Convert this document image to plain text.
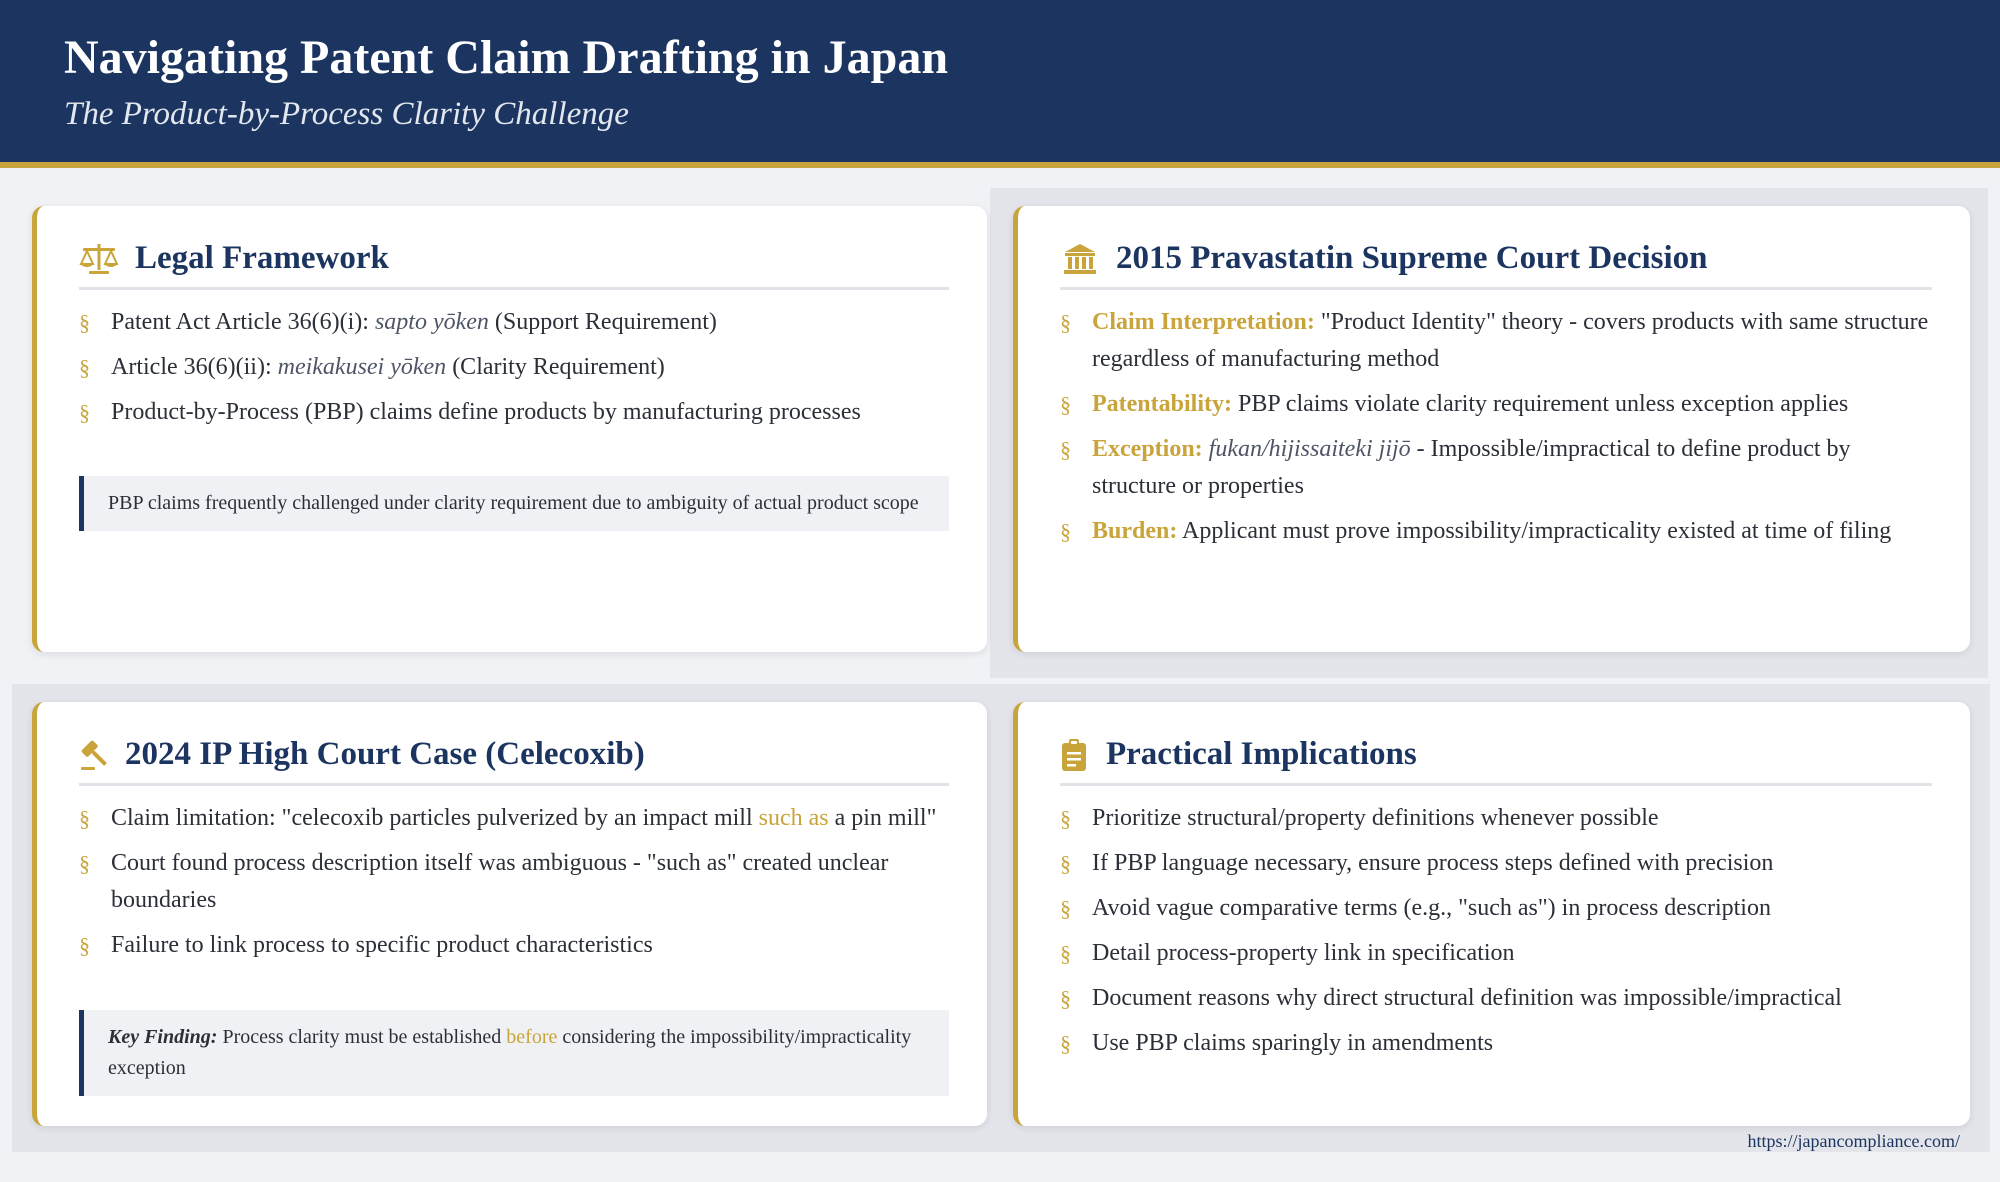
Navigating Patent Claim Drafting in Japan
The Product-by-Process Clarity Challenge
Legal Framework
§ Patent Act Article 36(6)(i): sapto yōken (Support Requirement)
§ Article 36(6)(ii): meikakusei yōken (Clarity Requirement)
§ Product-by-Process (PBP) claims define products by manufacturing processes
PBP claims frequently challenged under clarity requirement due to ambiguity of actual product scope
2015 Pravastatin Supreme Court Decision
§ Claim Interpretation: "Product Identity" theory - covers products with same structure regardless of manufacturing method
§ Patentability: PBP claims violate clarity requirement unless exception applies
§ Exception: fukan/hijissaiteki jijō - Impossible/impractical to define product by structure or properties
§ Burden: Applicant must prove impossibility/impracticality existed at time of filing
2024 IP High Court Case (Celecoxib)
§ Claim limitation: "celecoxib particles pulverized by an impact mill such as a pin mill"
§ Court found process description itself was ambiguous - "such as" created unclear boundaries
§ Failure to link process to specific product characteristics
Key Finding: Process clarity must be established before considering the impossibility/impracticality exception
Practical Implications
§ Prioritize structural/property definitions whenever possible
§ If PBP language necessary, ensure process steps defined with precision
§ Avoid vague comparative terms (e.g., "such as") in process description
§ Detail process-property link in specification
§ Document reasons why direct structural definition was impossible/impractical
§ Use PBP claims sparingly in amendments
https://japancompliance.com/
